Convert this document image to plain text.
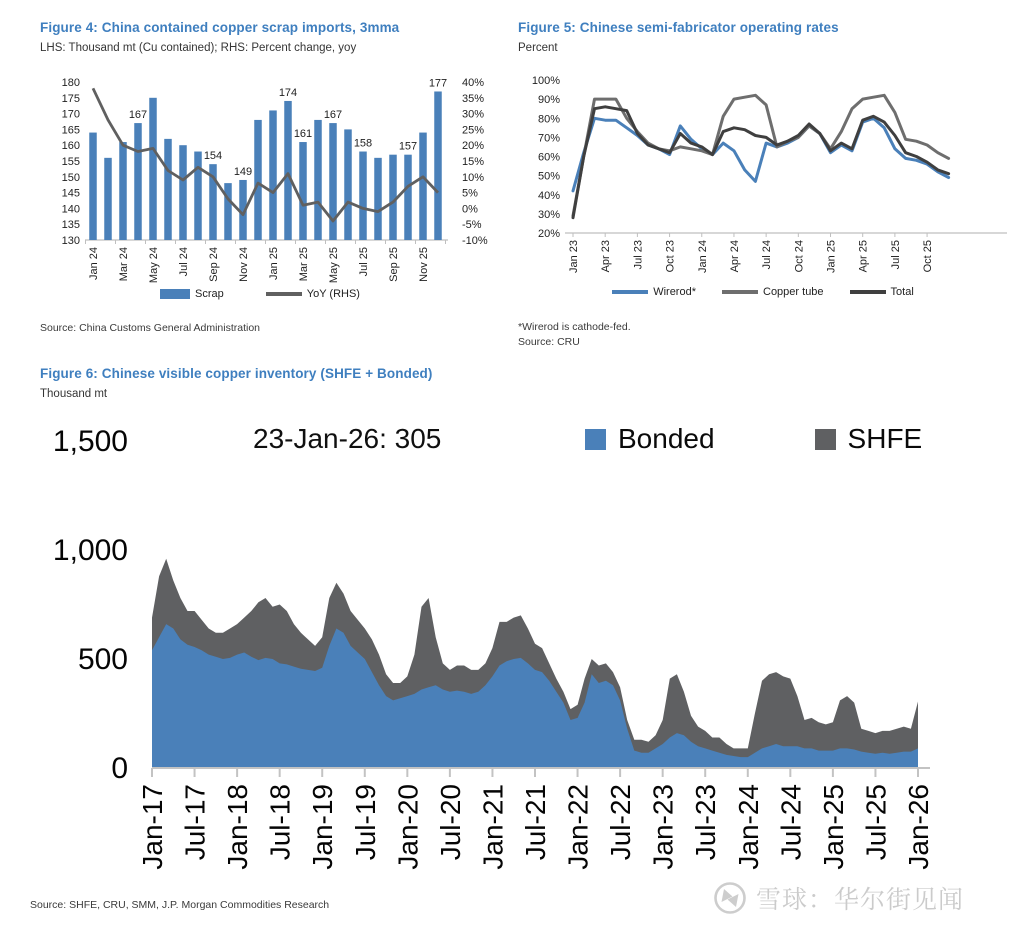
Figure 4: China contained copper scrap imports, 3mma
LHS: Thousand mt (Cu contained); RHS: Percent change, yoy
180
175
170
165
160
155
150
145
140
135
130
40%
35%
30%
25%
20%
15%
10%
5%
0%
-5%
-10%
Jan 24 Mar 24 May 24 Jul 24 Sep 24 Nov 24 Jan 25 Mar 25 May 25 Jul 25 Sep 25 Nov 25
167
154
149
174
161
167
158 157
177
Scrap	YoY (RHS)
Source: China Customs General Administration
Figure 5: Chinese semi-fabricator operating rates
Percent
100%
90%
80%
70%
60%
50%
40%
30%
20%
Jan 23 Apr 23 Jul 23 Oct 23 Jan 24 Apr 24 Jul 24 Oct 24 Jan 25 Apr 25 Jul 25 Oct 25
Wirerod*	Copper tube	Total
*Wirerod is cathode-fed.
Source: CRU
Figure 6: Chinese visible copper inventory (SHFE + Bonded)
Thousand mt
1,500
1,000
500
0
Jan-17 Jul-17 Jan-18 Jul-18 Jan-19 Jul-19 Jan-20 Jul-20 Jan-21 Jul-21 Jan-22 Jul-22 Jan-23 Jul-23 Jan-24 Jul-24 Jan-25 Jul-25 Jan-26
23-Jan-26: 305	Bonded	SHFE
Source: SHFE, CRU, SMM, J.P. Morgan Commodities Research	雪球：华尔街见闻
